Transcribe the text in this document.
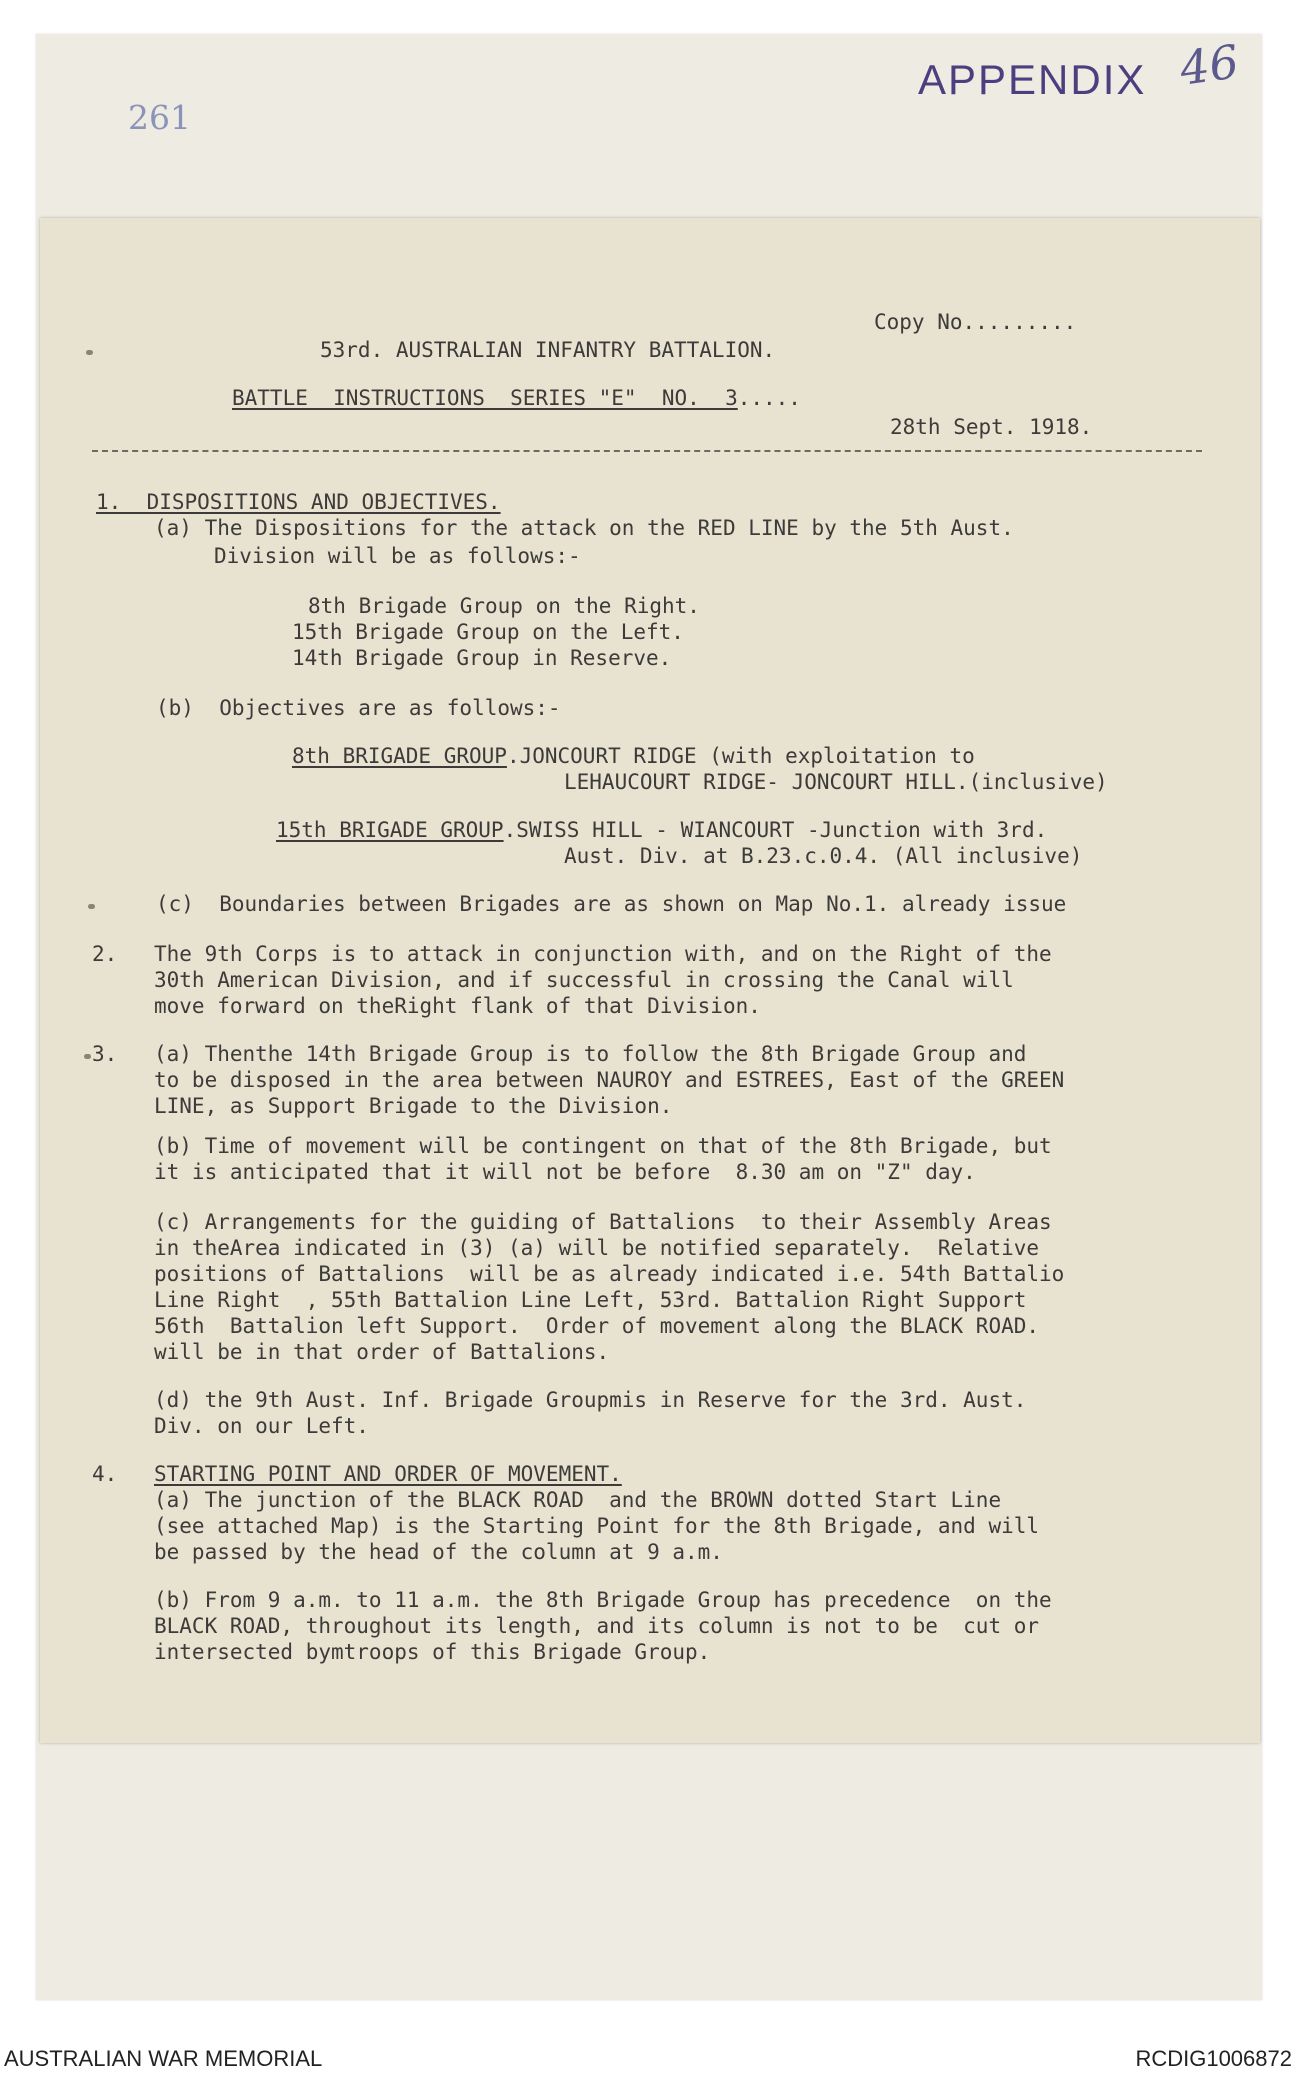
261
APPENDIX 46
Copy No.........
53rd. AUSTRALIAN INFANTRY BATTALION.
BATTLE  INSTRUCTIONS  SERIES "E"  NO.  3.....
28th Sept. 1918.
1.  DISPOSITIONS AND OBJECTIVES.
(a) The Dispositions for the attack on the RED LINE by the 5th Aust.
Division will be as follows:-
8th Brigade Group on the Right.
15th Brigade Group on the Left.
14th Brigade Group in Reserve.
(b)  Objectives are as follows:-
8th BRIGADE GROUP.JONCOURT RIDGE (with exploitation to
LEHAUCOURT RIDGE- JONCOURT HILL.(inclusive)
15th BRIGADE GROUP.SWISS HILL - WIANCOURT -Junction with 3rd.
Aust. Div. at B.23.c.0.4. (All inclusive)
(c)  Boundaries between Brigades are as shown on Map No.1. already issue
2. The 9th Corps is to attack in conjunction with, and on the Right of the
30th American Division, and if successful in crossing the Canal will
move forward on theRight flank of that Division.
3. (a) Thenthe 14th Brigade Group is to follow the 8th Brigade Group and
to be disposed in the area between NAUROY and ESTREES, East of the GREEN
LINE, as Support Brigade to the Division.
(b) Time of movement will be contingent on that of the 8th Brigade, but
it is anticipated that it will not be before  8.30 am on "Z" day.
(c) Arrangements for the guiding of Battalions  to their Assembly Areas
in theArea indicated in (3) (a) will be notified separately.  Relative
positions of Battalions  will be as already indicated i.e. 54th Battalio
Line Right  , 55th Battalion Line Left, 53rd. Battalion Right Support
56th  Battalion left Support.  Order of movement along the BLACK ROAD.
will be in that order of Battalions.
(d) the 9th Aust. Inf. Brigade Groupmis in Reserve for the 3rd. Aust.
Div. on our Left.
4. STARTING POINT AND ORDER OF MOVEMENT.
(a) The junction of the BLACK ROAD  and the BROWN dotted Start Line
(see attached Map) is the Starting Point for the 8th Brigade, and will
be passed by the head of the column at 9 a.m.
(b) From 9 a.m. to 11 a.m. the 8th Brigade Group has precedence  on the
BLACK ROAD, throughout its length, and its column is not to be  cut or
intersected bymtroops of this Brigade Group.
AUSTRALIAN WAR MEMORIAL	RCDIG1006872
